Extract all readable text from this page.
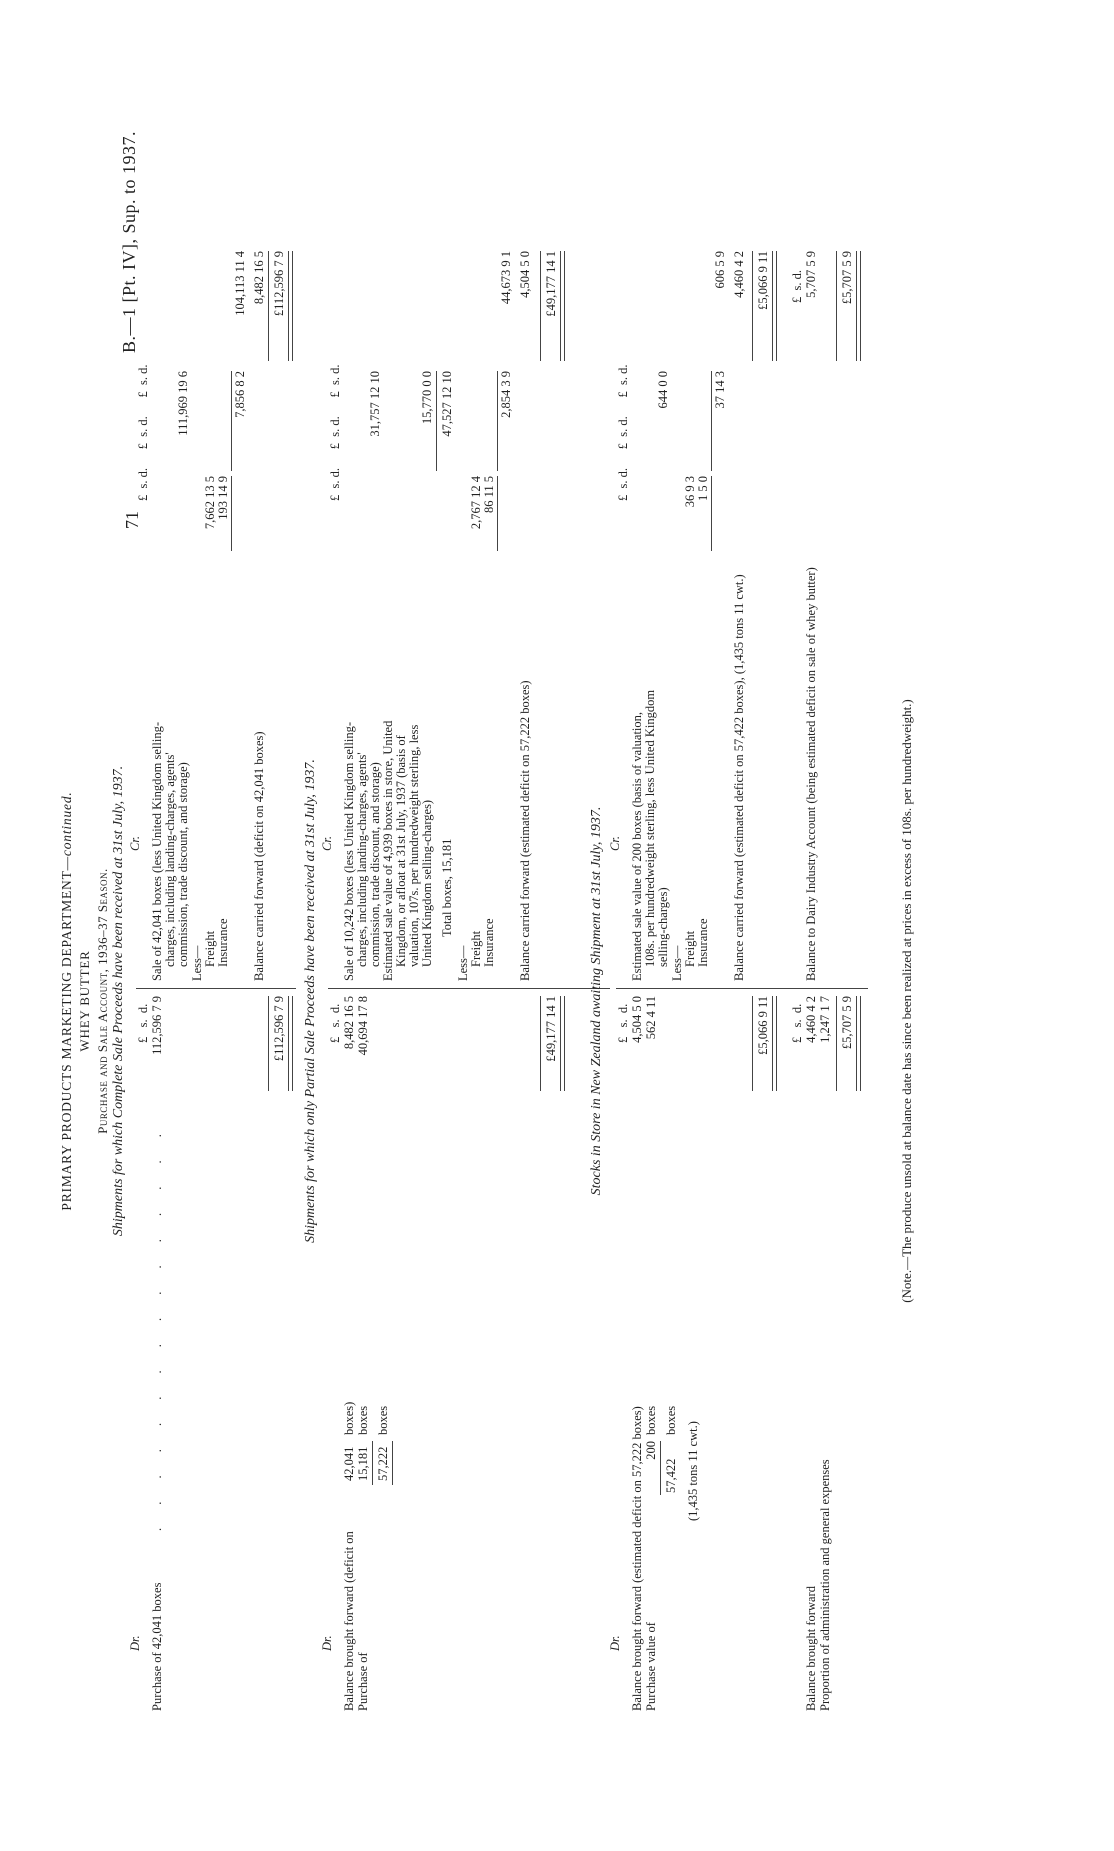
71
B.—1 [Pt. IV], Sup. to 1937.
PRIMARY PRODUCTS MARKETING DEPARTMENT—continued.
WHEY BUTTER Purchase and Sale Account, 1936–37 Season. Shipments for which Complete Sale Proceeds have been received at 31st July, 1937.
Dr.
Cr.
£   s.  d.
£  s. d.      £  s. d.      £  s. d.
Purchase of 42,041 boxes
. . . . . . . . . . . . . . . .
112,596 7 9
Sale of 42,041 boxes (less United Kingdom selling- charges, including landing-charges, agents' commission, trade discount, and storage)
111,969 19 6
Less— Freight
7,662 13 5
Insurance
193 14 9
7,856 8 2
104,113 11 4
Balance carried forward (deficit on 42,041 boxes)
8,482 16 5
£112,596 7 9
£112,596 7 9
Shipments for which only Partial Sale Proceeds have been received at 31st July, 1937.
Dr.
Cr.
£   s.  d.
£  s. d.      £  s. d.      £  s. d.
Balance brought forward (deficit on
42,041
boxes)
8,482 16 5
Purchase of
15,181
boxes
40,694 17 8
57,222
boxes
Sale of 10,242 boxes (less United Kingdom selling- charges, including landing-charges, agents' commission, trade discount, and storage)
31,757 12 10
Estimated sale value of 4,939 boxes in store, United Kingdom, or afloat at 31st July, 1937 (basis of valuation, 107s. per hundredweight sterling, less United Kingdom selling-charges)
15,770 0 0
Total boxes, 15,181
47,527 12 10
Less— Freight
2,767 12 4
Insurance
86 11 5
2,854 3 9
44,673 9 1
Balance carried forward (estimated deficit on 57,222 boxes)
4,504 5 0
£49,177 14 1
£49,177 14 1
Stocks in Store in New Zealand awaiting Shipment at 31st July, 1937.
Dr.
Cr.
£   s.  d.
£  s. d.      £  s. d.      £  s. d.
Balance brought forward (estimated deficit on 57,222 boxes)
4,504 5 0
Purchase value of
200
boxes
562 4 11
57,422
boxes
(1,435 tons 11 cwt.)
Estimated sale value of 200 boxes (basis of valuation, 108s. per hundredweight sterling, less United Kingdom selling-charges)
644 0 0
Less— Freight
36 9 3
Insurance
1 5 0
37 14 3
606 5 9
Balance carried forward (estimated deficit on 57,422 boxes), (1,435 tons 11 cwt.)
4,460 4 2
£5,066 9 11
£5,066 9 11
£   s.  d.
£  s. d.
Balance brought forward
4,460 4 2
Proportion of administration and general expenses
1,247 1 7
Balance to Dairy Industry Account (being estimated deficit on sale of whey butter)
5,707 5 9
£5,707 5 9
£5,707 5 9
(Note.—The produce unsold at balance date has since been realized at prices in excess of 108s. per hundredweight.)
